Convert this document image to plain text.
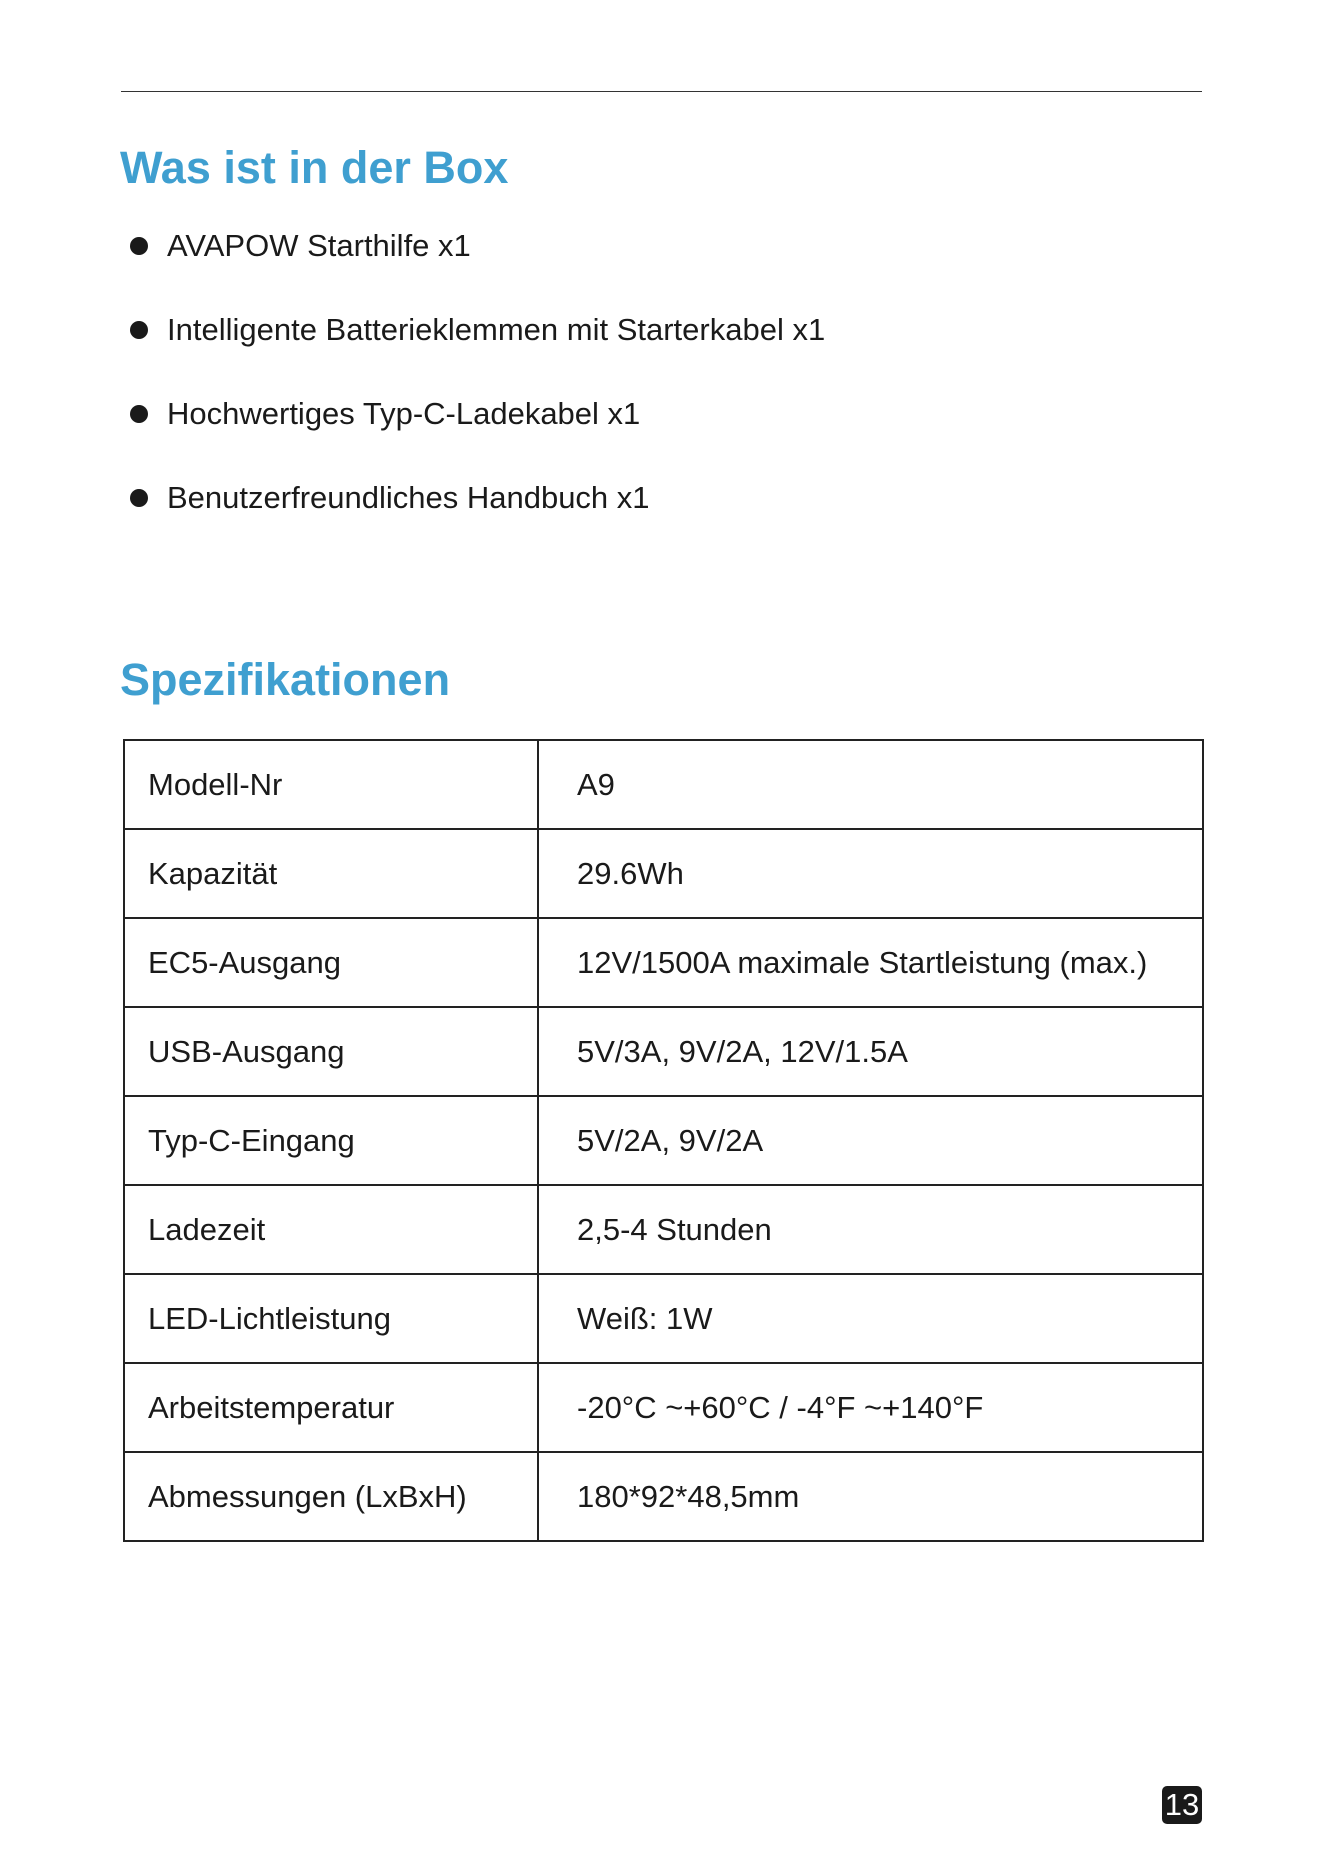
Was ist in der Box
AVAPOW Starthilfe x1
Intelligente Batterieklemmen mit Starterkabel x1
Hochwertiges Typ-C-Ladekabel x1
Benutzerfreundliches Handbuch x1
Spezifikationen
Modell-Nr	A9
Kapazität	29.6Wh
EC5-Ausgang	12V/1500A maximale Startleistung (max.)
USB-Ausgang	5V/3A, 9V/2A, 12V/1.5A
Typ-C-Eingang	5V/2A, 9V/2A
Ladezeit	2,5-4 Stunden
LED-Lichtleistung	Weiß: 1W
Arbeitstemperatur	-20°C ~+60°C / -4°F ~+140°F
Abmessungen (LxBxH)	180*92*48,5mm
13
